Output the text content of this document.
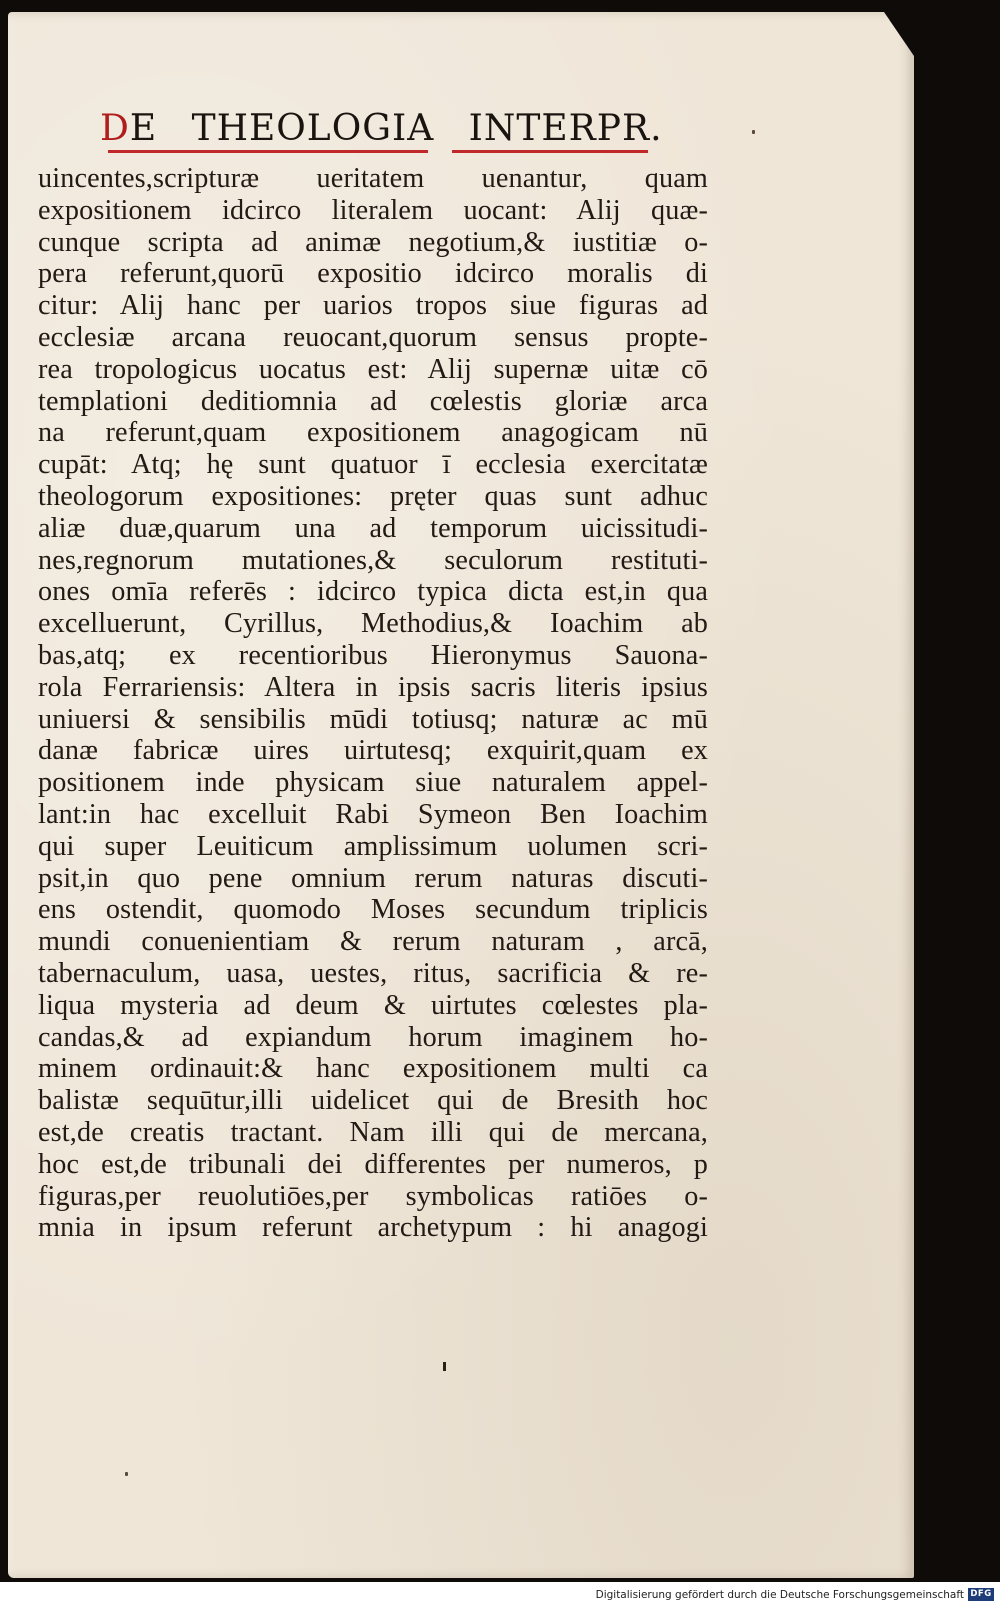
DE THEOLOGIA INTERPR.
uincentes,scripturæ ueritatem uenantur, quam
expositionem idcirco literalem uocant: Alij quæ-
cunque scripta ad animæ negotium,& iustitiæ o-
pera referunt,quorū expositio idcirco moralis di
citur: Alij hanc per uarios tropos siue figuras ad
ecclesiæ arcana reuocant,quorum sensus propte-
rea tropologicus uocatus est: Alij supernæ uitæ cō
templationi deditiomnia ad cœlestis gloriæ arca
na referunt,quam expositionem anagogicam nū
cupāt: Atq; hę sunt quatuor ī ecclesia exercitatæ
theologorum expositiones: pręter quas sunt adhuc
aliæ duæ,quarum una ad temporum uicissitudi-
nes,regnorum mutationes,& seculorum restituti-
ones omīa referēs : idcirco typica dicta est,in qua
excelluerunt, Cyrillus, Methodius,& Ioachim ab
bas,atq; ex recentioribus Hieronymus Sauona-
rola Ferrariensis: Altera in ipsis sacris literis ipsius
uniuersi & sensibilis mūdi totiusq; naturæ ac mū
danæ fabricæ uires uirtutesq; exquirit,quam ex
positionem inde physicam siue naturalem appel-
lant:in hac excelluit Rabi Symeon Ben Ioachim
qui super Leuiticum amplissimum uolumen scri-
psit,in quo pene omnium rerum naturas discuti-
ens ostendit, quomodo Moses secundum triplicis
mundi conuenientiam & rerum naturam , arcā,
tabernaculum, uasa, uestes, ritus, sacrificia & re-
liqua mysteria ad deum & uirtutes cœlestes pla-
candas,& ad expiandum horum imaginem ho-
minem ordinauit:& hanc expositionem multi ca
balistæ sequūtur,illi uidelicet qui de Bresith hoc
est,de creatis tractant. Nam illi qui de mercana,
hoc est,de tribunali dei differentes per numeros, p
figuras,per reuolutiōes,per symbolicas ratiōes o-
mnia in ipsum referunt archetypum : hi anagogi
Digitalisierung gefördert durch die Deutsche Forschungsgemeinschaft DFG
